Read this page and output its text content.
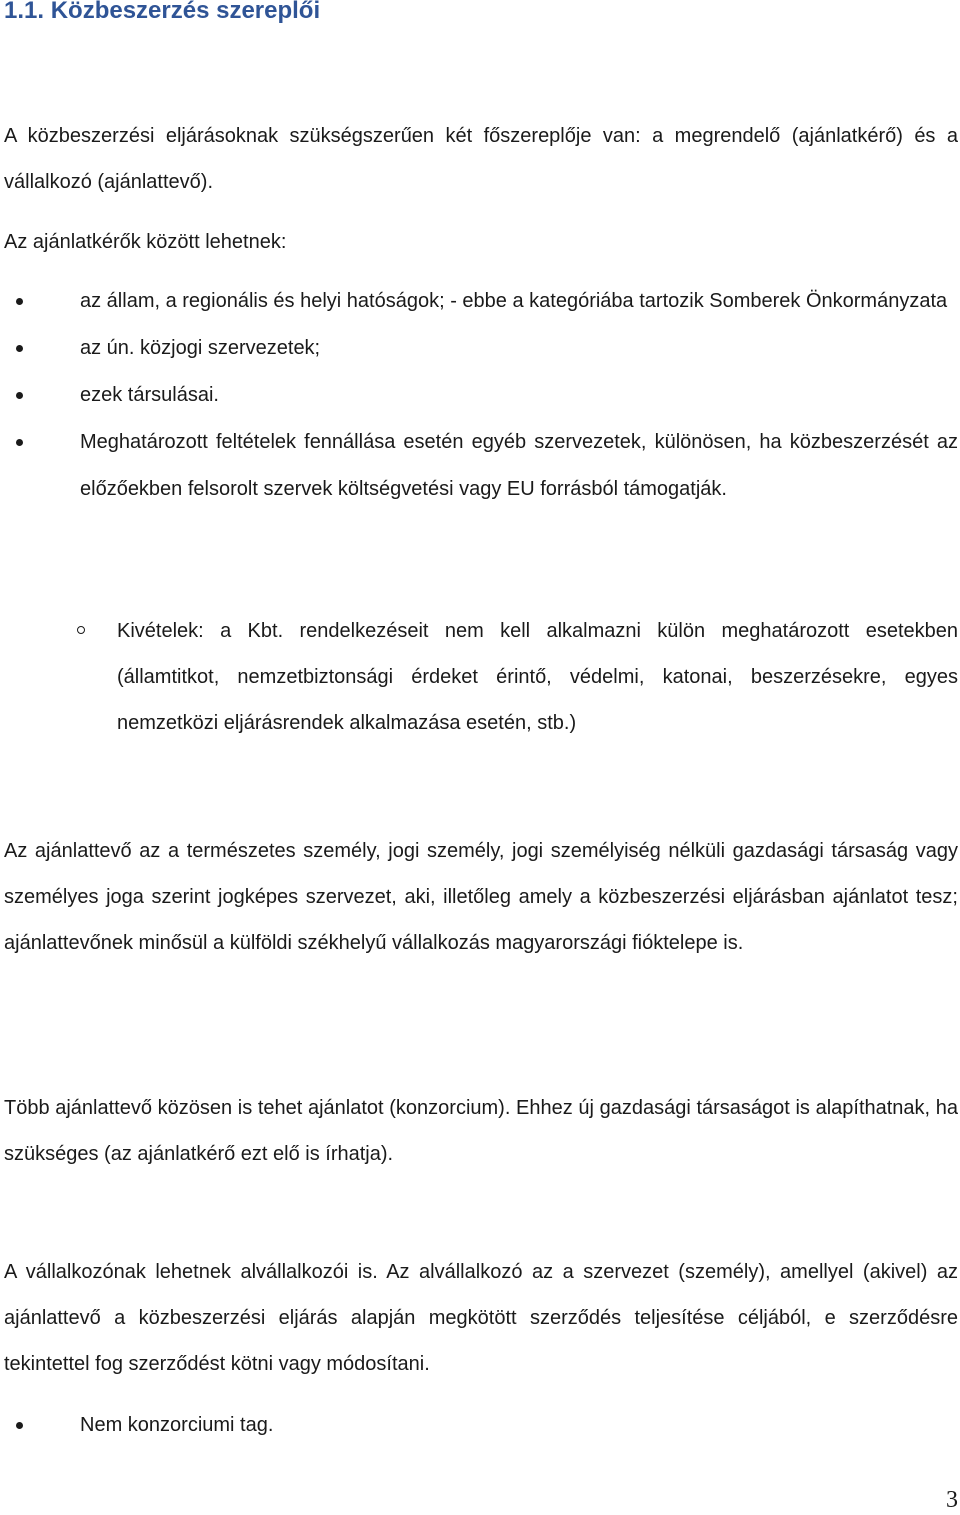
1.1. Közbeszerzés szereplői

A közbeszerzési eljárásoknak szükségszerűen két főszereplője van: a megrendelő (ajánlatkérő) és a vállalkozó (ajánlattevő).

Az ajánlatkérők között lehetnek:

az állam, a regionális és helyi hatóságok; - ebbe a kategóriába tartozik Somberek Önkormányzata
az ún. közjogi szervezetek;
ezek társulásai.
Meghatározott feltételek fennállása esetén egyéb szervezetek, különösen, ha közbeszerzését az előzőekben felsorolt szervek költségvetési vagy EU forrásból támogatják.

Kivételek: a Kbt. rendelkezéseit nem kell alkalmazni külön meghatározott esetekben (államtitkot, nemzetbiztonsági érdeket érintő, védelmi, katonai, beszerzésekre, egyes nemzetközi eljárásrendek alkalmazása esetén, stb.)

Az ajánlattevő az a természetes személy, jogi személy, jogi személyiség nélküli gazdasági társaság vagy személyes joga szerint jogképes szervezet, aki, illetőleg amely a közbeszerzési eljárásban ajánlatot tesz; ajánlattevőnek minősül a külföldi székhelyű vállalkozás magyarországi fióktelepe is.

Több ajánlattevő közösen is tehet ajánlatot (konzorcium). Ehhez új gazdasági társaságot is alapíthatnak, ha szükséges (az ajánlatkérő ezt elő is írhatja).

A vállalkozónak lehetnek alvállalkozói is. Az alvállalkozó az a szervezet (személy), amellyel (akivel) az ajánlattevő a közbeszerzési eljárás alapján megkötött szerződés teljesítése céljából, e szerződésre tekintettel fog szerződést kötni vagy módosítani.

Nem konzorciumi tag.
3
